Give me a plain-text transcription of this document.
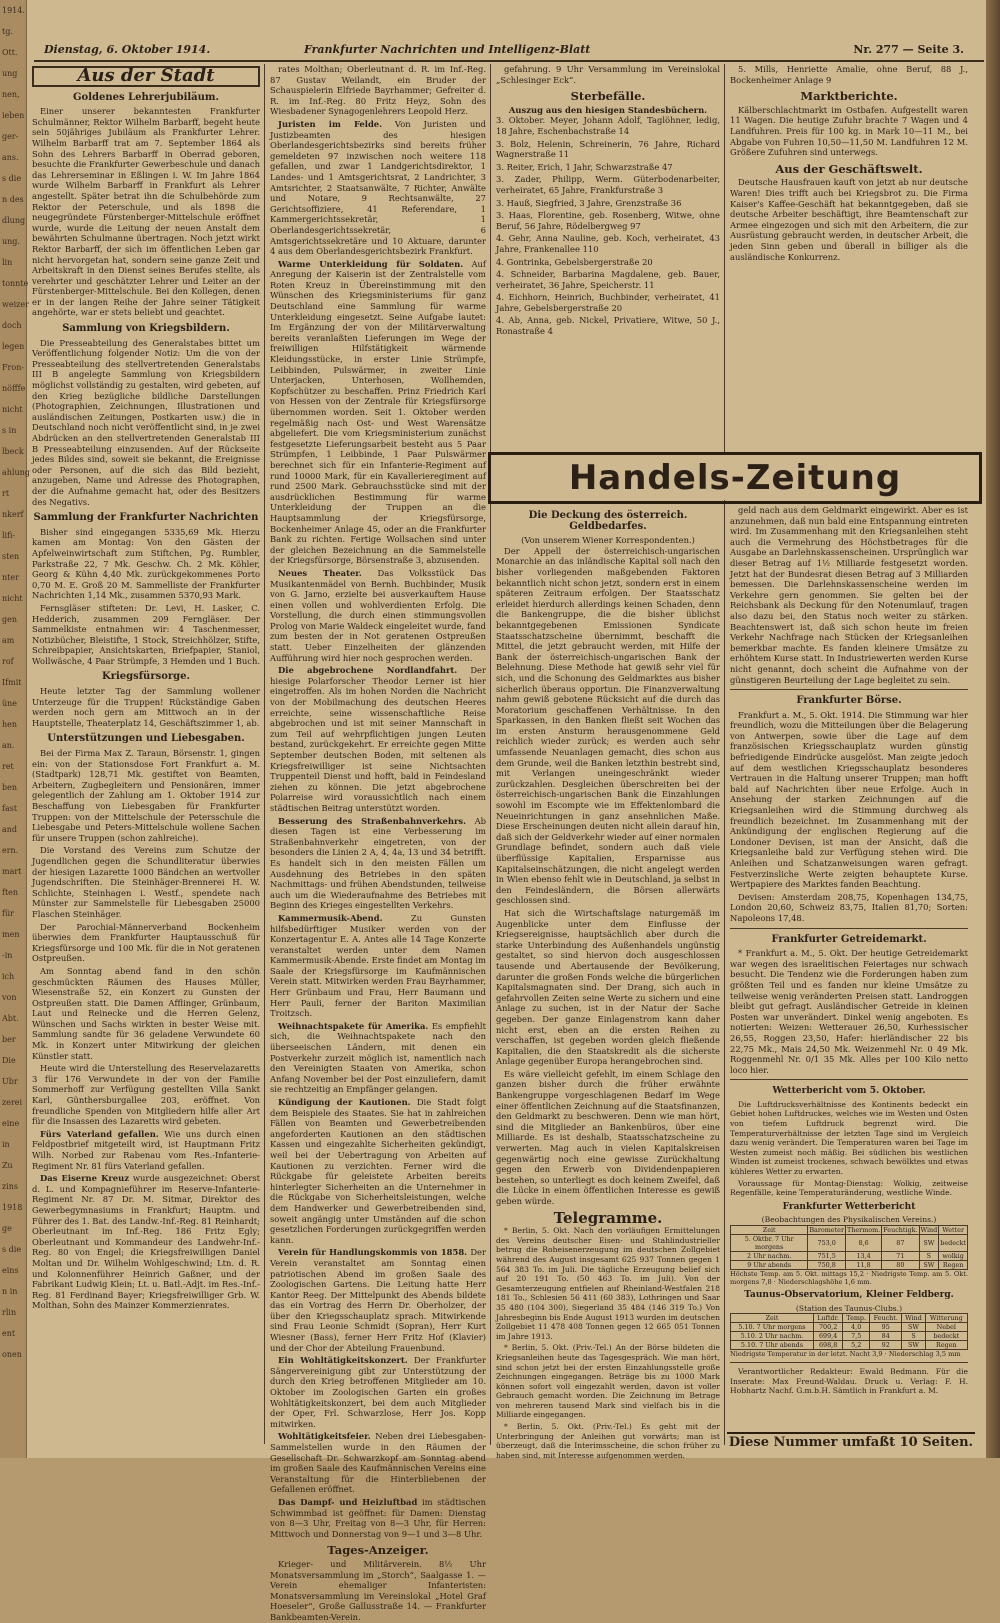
1914.
tg.
Ott.
ung
nen,
ieben
ger-
ans.
s die
n des
dlung
ung.
lin
tonnte
weizer
doch
legen
Fron-
nöfffe
nicht
s in
lbeck
ahlung
rt
nkerf
lifi-
sten
nter
nicht
gen
am
rof
Ifmit
üne
hen
an.
ret
ben
fast
and
ern.
mart
ften
für
men
-in
ich
von
Abt.
ber
Die
Ubr
zerei
eine
in
Zu
zins
1918
ge
s die
eins
n in
rlin
ent
onen
Dienstag, 6. Oktober 1914.	Frankfurter Nachrichten und Intelligenz-Blatt	Nr. 277 — Seite 3.
Aus der Stadt
Goldenes Lehrerjubiläum.

Einer unserer bekanntesten Frankfurter Schulmänner, Rektor Wilhelm Barbarff, begeht heute sein 50jähriges Jubiläum als Frankfurter Lehrer. Wilhelm Barbarff trat am 7. September 1864 als Sohn des Lehrers Barbarff in Oberrad geboren, besuchte die Frankfurter Gewerbeschule und danach das Lehrerseminar in Eßlingen i. W. Im Jahre 1864 wurde Wilhelm Barbarff in Frankfurt als Lehrer angestellt. Später betrat ihn die Schulbehörde zum Rektor der Peterschule, und als 1898 die neugegründete Fürstenberger-Mittelschule eröffnet wurde, wurde die Leitung der neuen Anstalt dem bewährten Schulmanne übertragen. Noch jetzt wirkt Rektor Barbarff, der sich im öffentlichen Leben gar nicht hervorgetan hat, sondern seine ganze Zeit und Arbeitskraft in den Dienst seines Berufes stellte, als verehrter und geschätzter Lehrer und Leiter an der Fürstenberger-Mittelschule. Bei den Kollegen, denen er in der langen Reihe der Jahre seiner Tätigkeit angehörte, war er stets beliebt und geachtet.

Sammlung von Kriegsbildern.

Die Presseabteilung des Generalstabes bittet um Veröffentlichung folgender Notiz: Um die von der Presseabteilung des stellvertretenden Generalstabs III B angelegte Sammlung von Kriegsbildern möglichst vollständig zu gestalten, wird gebeten, auf den Krieg bezügliche bildliche Darstellungen (Photographien, Zeichnungen, Illustrationen und ausländischen Zeitungen, Postkarten usw.) die in Deutschland noch nicht veröffentlicht sind, in je zwei Abdrücken an den stellvertretenden Generalstab III B Presseabteilung einzusenden. Auf der Rückseite jedes Bildes sind, soweit sie bekannt, die Ereignisse oder Personen, auf die sich das Bild bezieht, anzugeben, Name und Adresse des Photographen, der die Aufnahme gemacht hat, oder des Besitzers des Negativs.

Sammlung der Frankfurter Nachrichten

Bisher sind eingegangen 5335,69 Mk. Hierzu kamen am Montag: Von den Gästen der Apfelweinwirtschaft zum Stiftchen, Pg. Rumbler, Parkstraße 22, 7 Mk. Geschw. Ch. 2 Mk. Köhler, Georg & Kühn 4,40 Mk. zurückgekommenes Porto 0,70 M. E. Groß 20 M. Sammelliste der Frankfurter Nachrichten 1,14 Mk., zusammen 5370,93 Mark.

Fernsgläser stifteten: Dr. Levi, H. Lasker, C. Hedderich, zusammen 209 Ferngläser. Der Sammelkiste entnahmen wir: 4 Taschenmesser, Notizbücher, Bleistifte, 1 Stock, Streichhölzer, Stifte, Schreibpapier, Ansichtskarten, Briefpapier, Staniol, Wollwäsche, 4 Paar Strümpfe, 3 Hemden und 1 Buch.

Kriegsfürsorge.

Heute letzter Tag der Sammlung wollener Unterzeuge für die Truppen! Rückständige Gaben werden noch gern am Mittwoch an in der Hauptstelle, Theaterplatz 14, Geschäftszimmer 1, ab.

Unterstützungen und Liebesgaben.

Bei der Firma Max Z. Taraun, Börsenstr. 1, gingen ein: von der Stationsdose Fort Frankfurt a. M. (Stadtpark) 128,71 Mk. gestiftet von Beamten, Arbeitern, Zugbegleitern und Pensionären, immer gelegentlich der Zahlung am 1. Oktober 1914 zur Beschaffung von Liebesgaben für Frankfurter Truppen: von der Mittelschule der Petersschule die Liebesgabe und Peters-Mittelschule wollene Sachen für unsere Truppen (schon zahlreiche).

Die Vorstand des Vereins zum Schutze der Jugendlichen gegen die Schundliteratur überwies der hiesigen Lazarette 1000 Bändchen an wertvoller Jugendschriften. Die Steinhäger-Brennerei H. W. Schlichte, Steinhagen i. Westf., spendete nach Münster zur Sammelstelle für Liebesgaben 25000 Flaschen Steinhäger.

Der Parochial-Männerverband Bockenheim überwies dem Frankfurter Hauptausschuß für Kriegsfürsorge und 100 Mk. für die in Not geratenen Ostpreußen.

Am Sonntag abend fand in den schön geschmückten Räumen des Hauses Müller, Wiesenstraße 52, ein Konzert zu Gunsten der Ostpreußen statt. Die Damen Afflinger, Grünbaum, Laut und Reinecke und die Herren Gelenz, Wünschen und Sachs wirkten in bester Weise mit. Sammlung sandte für 36 geladene Verwundete 60 Mk. in Konzert unter Mitwirkung der gleichen Künstler statt.

Heute wird die Unterstellung des Reservelazaretts 3 für 176 Verwundete in der von der Familie Sommerhoff zur Verfügung gestellten Villa Sankt Karl, Günthersburgallee 203, eröffnet. Von freundliche Spenden von Mitgliedern hilfe aller Art für die Insassen des Lazaretts wird gebeten.

Fürs Vaterland gefallen. Wie uns durch einen Feldpostbrief mitgeteilt wird, ist Hauptmann Fritz Wilh. Norbed zur Rabenau vom Res.-Infanterie-Regiment Nr. 81 fürs Vaterland gefallen.

Das Eiserne Kreuz wurde ausgezeichnet: Oberst d. L. und Kompagnieführer im Reserve-Infanterie-Regiment Nr. 87 Dr. M. Sitmar, Direktor des Gewerbegymnasiums in Frankfurt; Hauptm. und Führer des 1. Bat. des Landw.-Inf.-Reg. 81 Reinhardt; Oberleutnant im Inf.-Reg. 186 Fritz Egly; Oberleutnant und Kommandeur des Landwehr-Inf.-Reg. 80 von Engel; die Kriegsfreiwilligen Daniel Moltan und Dr. Wilhelm Wohlgeschwind; Ltn. d. R. und Kolonnenführer Heinrich Gaßner, und der Fabrikant Ludwig Klein; Lt. u. Batl.-Adjt. im Res.-Inf.-Reg. 81 Ferdinand Bayer; Kriegsfreiwilliger Grb. W. Molthan, Sohn des Mainzer Kommerzienrates.

rates Molthan; Oberleutnant d. R. im Inf.-Reg. 87 Gustav Weilandt, ein Bruder der Schauspielerin Elfriede Bayrhammer; Gefreiter d. R. im Inf.-Reg. 80 Fritz Heyz, Sohn des Wiesbadener Synagogenlehrers Leopold Herz.

Juristen im Felde. Von Juristen und Justizbeamten des hiesigen Oberlandesgerichtsbezirks sind bereits früher gemeldeten 97 inzwischen noch weitere 118 gefallen, und zwar 1 Landgerichtsdirektor, 1 Landes- und 1 Amtsgerichtsrat, 2 Landrichter, 3 Amtsrichter, 2 Staatsanwälte, 7 Richter, Anwälte und Notare, 9 Rechtsanwälte, 27 Gerichtsoffiziere, 41 Referendare, 1 Kammergerichtssekretär, 1 Oberlandesgerichtssekretär, 6 Amtsgerichtssekretäre und 10 Aktuare, darunter 4 aus dem Oberlandesgerichtsbezirk Frankfurt.

Warme Unterkleidung für Soldaten. Auf Anregung der Kaiserin ist der Zentralstelle vom Roten Kreuz in Übereinstimmung mit den Wünschen des Kriegsministeriums für ganz Deutschland eine Sammlung für warme Unterkleidung eingesetzt. Seine Aufgabe lautet: Im Ergänzung der von der Militärverwaltung bereits veranlaßten Lieferungen im Wege der freiwilligen Hilfstätigkeit wärmende Kleidungsstücke, in erster Linie Strümpfe, Leibbinden, Pulswärmer, in zweiter Linie Unterjacken, Unterhosen, Wollhemden, Kopfschützer zu beschaffen. Prinz Friedrich Karl von Hessen von der Zentrale für Kriegsfürsorge übernommen worden. Seit 1. Oktober werden regelmäßig nach Ost- und West Warensätze abgeliefert. Die vom Kriegsministerium zunächst festgesetzte Lieferungsarbeit besteht aus 5 Paar Strümpfen, 1 Leibbinde, 1 Paar Pulswärmer berechnet sich für ein Infanterie-Regiment auf rund 10000 Mark, für ein Kavallerieregiment auf rund 2500 Mark. Gebrauchsstücke sind mit der ausdrücklichen Bestimmung für warme Unterkleidung der Truppen an die Hauptsammlung der Kriegsfürsorge, Bockenheimer Anlage 45, oder an die Frankfurter Bank zu richten. Fertige Wollsachen sind unter der gleichen Bezeichnung an die Sammelstelle der Kriegsfürsorge, Börsenstraße 3, abzusenden.

Neues Theater. Das Volksstück Das Musikantenmädel von Bernh. Buchbinder, Musik von G. Jarno, erzielte bei ausverkauftem Hause einen vollen und wohlverdienten Erfolg. Die Vorstellung, die durch einen stimmungsvollen Prolog von Marie Waldeck eingeleitet wurde, fand zum besten der in Not geratenen Ostpreußen statt. Ueber Einzelheiten der glänzenden Aufführung wird hier noch gesprochen werden.

Die abgebrochene Nordlandfahrt. Der hiesige Polarforscher Theodor Lerner ist hier eingetroffen. Als im hohen Norden die Nachricht von der Mobilmachung des deutschen Heeres erreichte, seine wissenschaftliche Reise abgebrochen und ist mit seiner Mannschaft in zum Teil auf wehrpflichtigen jungen Leuten bestand, zurückgekehrt. Er erreichte gegen Mitte September deutschen Boden, mit seltenen als Kriegsfreiwilliger ist seine Nichtsachten Truppenteil Dienst und hofft, bald in Feindesland ziehen zu können. Die jetzt abgebrochene Polarreise wird voraussichtlich nach einem städtischen Beitrag unterstützt worden.

Besserung des Straßenbahnverkehrs. Ab diesen Tagen ist eine Verbesserung im Straßenbahnverkehr eingetreten, von der besonders die Linien 2 A, 4, 4a, 13 und 34 betrifft. Es handelt sich in den meisten Fällen um Ausdehnung des Betriebes in den späten Nachmittags- und frühen Abendstunden, teilweise auch um die Wiederaufnahme des Betriebes mit Beginn des Krieges eingestellten Verkehrs.

Kammermusik-Abend.	Zu Gunsten hilfsbedürftiger Musiker werden von der Konzertagentur E. A. Antes alle 14 Tage Konzerte veranstaltet werden unter dem Namen Kammermusik-Abende. Erste findet am Montag im Saale der Kriegsfürsorge im Kaufmännischen Verein statt. Mitwirken werden Frau Bayrhammer, Herr Grünbaum und Frau, Herr Baumann und Herr Pauli, ferner der Bariton Maximilian Troitzsch.

Weihnachtspakete für Amerika. Es empfiehlt sich, die Weihnachtspakete nach den überseeischen Ländern, mit denen ein Postverkehr zurzeit möglich ist, namentlich nach den Vereinigten Staaten von Amerika, schon Anfang November bei der Post einzuliefern, damit sie rechtzeitig an Empfänger gelangen.

Kündigung der Kautionen. Die Stadt folgt dem Beispiele des Staates. Sie hat in zahlreichen Fällen von Beamten und Gewerbetreibenden angeforderten Kautionen an den städtischen Kassen und eingezahlte Sicherheiten gekündigt, weil bei der Uebertragung von Arbeiten auf Kautionen zu verzichten. Ferner wird die Rückgabe für geleistete Arbeiten bereits hinterlegter Sicherheiten an die Unternehmer in die Rückgabe von Sicherheitsleistungen, welche dem Handwerker und Gewerbetreibenden sind, soweit angängig unter Umständen auf die schon gesetzlichen Forderungen zurückgegriffen werden kann.

Verein für Handlungskommis von 1858. Der Verein veranstaltet am Sonntag einen patriotischen Abend im großen Saale des Zoologischen Gartens. Die Leitung hatte Herr Kantor Reeg. Der Mittelpunkt des Abends bildete das ein Vortrag des Herrn Dr. Oberholzer, der über den Kriegsschauplatz sprach. Mitwirkende sind Frau Leonie Schmidt (Sopran), Herr Kurt Wiesner (Bass), ferner Herr Fritz Hof (Klavier) und der Chor der Abteilung Frauenbund.

Ein Wohltätigkeitskonzert. Der Frankfurter Sängervereinigung gibt zur Unterstützung der durch den Krieg betroffenen Mitglieder am 10. Oktober im Zoologischen Garten ein großes Wohltätigkeitskonzert, bei dem auch Mitglieder der Oper, Frl. Schwarzlose, Herr Jos. Kopp mitwirken.

Wohltätigkeitsfeier. Neben drei Liebesgaben-Sammelstellen wurde in den Räumen der Gesellschaft Dr. Schwarzkopf am Sonntag abend im großen Saale des Kaufmännischen Vereins eine Veranstaltung für die Hinterbliebenen der Gefallenen eröffnet.

Das Dampf- und Heizluftbad im städtischen Schwimmbad ist geöffnet: für Damen: Dienstag von 8—3 Uhr, Freitag von 8—3 Uhr, für Herren: Mittwoch und Donnerstag von 9—1 und 3—8 Uhr.

Tages-Anzeiger.

Krieger- und Militärverein. 8½ Uhr Monatsversammlung im „Storch“, Saalgasse 1. — Verein ehemaliger Infanteristen: Monatsversammlung im Vereinslokal „Hotel Graf Hoeseler“, Große Gallusstraße 14. — Frankfurter Bankbeamten-Verein.

gefahrung. 9 Uhr Versammlung im Vereinslokal „Schlesinger Eck“.

Sterbefälle.
Auszug aus den hiesigen Standesbüchern.

3. Oktober. Meyer, Johann Adolf, Taglöhner, ledig, 18 Jahre, Eschenbachstraße 14

3. Bolz, Helenin, Schreinerin, 76 Jahre, Richard Wagnerstraße 11

3. Reiter, Erich, 1 Jahr, Schwarzstraße 47

3. Zader, Philipp, Werm. Güterbodenarbeiter, verheiratet, 65 Jahre, Frankfurstraße 3

3. Hauß, Siegfried, 3 Jahre, Grenzstraße 36

3. Haas, Florentine, geb. Rosenberg, Witwe, ohne Beruf, 56 Jahre, Rödelbergweg 97

4. Gehr, Anna Nauline, geb. Koch, verheiratet, 43 Jahre, Frankenallee 110

4. Gontrinka, Gebelsbergerstraße 20

4. Schneider, Barbarina Magdalene, geb. Bauer, verheiratet, 36 Jahre, Speicherstr. 11

4. Eichhorn, Heinrich, Buchbinder, verheiratet, 41 Jahre, Gebelsbergerstraße 20

4. Ab, Anna, geb. Nickel, Privatiere, Witwe, 50 J., Ronastraße 4

5. Mills, Henriette Amalie, ohne Beruf, 88 J., Bockenheimer Anlage 9

Marktberichte.

Kälberschlachtmarkt im Ostbafen. Aufgestellt waren 11 Wagen. Die heutige Zufuhr brachte 7 Wagen und 4 Landfuhren. Preis für 100 kg. in Mark 10—11 M., bei Abgabe von Fuhren 10,50—11,50 M. Landfuhren 12 M. Größere Zufuhren sind unterwegs.

Aus der Geschäftswelt.

Deutsche Hausfrauen kauft von jetzt ab nur deutsche Waren! Dies trifft auch bei Kriegsbrot zu. Die Firma Kaiser's Kaffee-Geschäft hat bekanntgegeben, daß sie deutsche Arbeiter beschäftigt, ihre Beamtenschaft zur Armee eingezogen und sich mit den Arbeitern, die zur Ausrüstung gebraucht werden, in deutscher Arbeit, die jeden Sinn geben und überall in billiger als die ausländische Konkurrenz.

Handels-Zeitung
Die Deckung des österreich. Geldbedarfes.
(Von unserem Wiener Korrespondenten.)

Der Appell der österreichisch-ungarischen Monarchie an das inländische Kapital soll nach den bisher vorliegenden maßgebenden Faktoren bekanntlich nicht schon jetzt, sondern erst in einem späteren Zeitraum erfolgen. Der Staatsschatz erleidet hierdurch allerdings keinen Schaden, denn die Bankengruppe, die die bisher üblichst bekanntgegebenen Emissionen Syndicate Staatsschatzscheine übernimmt, beschafft die Mittel, die jetzt gebraucht werden, mit Hilfe der Bank der österreichisch-ungarischen Bank der Belehnung. Diese Methode hat gewiß sehr viel für sich, und die Schonung des Geldmarktes aus bisher sicherlich überaus opportun. Die Finanzverwaltung nahm gewiß gebotene Rücksicht auf die durch das Moratorium geschaffenen Verhältnisse. In den Sparkassen, in den Banken fließt seit Wochen das im ersten Ansturm herausgenommene Geld reichlich wieder zurück; es werden auch sehr umfassende Neuanlagen gemacht, dies schon aus dem Grunde, weil die Banken letzthin bestrebt sind, mit Verlangen uneingeschränkt wieder zurückzahlen. Desgleichen überschreiten bei der österreichisch-ungarischen Bank die Einzahlungen sowohl im Escompte wie im Effektenlombard die Neueinrichtungen in ganz ansehnlichen Maße. Diese Erscheinungen deuten nicht allein darauf hin, daß sich der Geldverkehr wieder auf einer normalen Grundlage befindet, sondern auch daß viele überflüssige Kapitalien, Ersparnisse aus Kapitalseinschätzungen, die nicht angelegt werden in Wien ebenso fehlt wie in Deutschland, ja selbst in den Feindesländern, die Börsen allerwärts geschlossen sind.

Hat sich die Wirtschaftslage naturgemäß im Augenblicke unter dem Einflusse der Kriegsereignisse, hauptsächlich aber durch die starke Unterbindung des Außenhandels ungünstig gestaltet, so sind hiervon doch ausgeschlossen tausende und Abertausende der Bevölkerung, darunter die großen Fonds welche die bürgerlichen Kapitalsmagnaten sind. Der Drang, sich auch in gefahrvollen Zeiten seine Werte zu sichern und eine Anlage zu suchen, ist in der Natur der Sache gegeben. Der ganze Einlagenstrom kann daher nicht erst, eben an die ersten Reihen zu verschaffen, ist gegeben worden gleich fließende Kapitalien, die den Staatskredit als die sicherste Anlage gegenüber Europa herangebrochen sind.

Es wäre vielleicht gefehlt, im einem Schlage den ganzen bisher durch die früher erwähnte Bankengruppe vorgeschlagenen Bedarf im Wege einer öffentlichen Zeichnung auf die Staatsfinanzen, den Geldmarkt zu beschweren. Denn wie man hört, sind die Mitglieder an Bankenbüros, über eine Milliarde. Es ist deshalb, Staatsschatzscheine zu verwerten. Mag auch in vielen Kapitalskreisen gegenwärtig noch eine gewisse Zurückhaltung gegen den Erwerb von Dividendenpapieren bestehen, so unterliegt es doch keinem Zweifel, daß die Lücke in einem öffentlichen Interesse es gewiß geben würde.

Telegramme.

* Berlin, 5. Okt. Nach den vorläufigen Ermittelungen des Vereins deutscher Eisen- und Stahlindustrieller betrug die Roheisenerzeugung im deutschen Zollgebiet während des August insgesamt 625 937 Tonnen gegen 1 564 383 To. im Juli. Die tägliche Erzeugung belief sich auf 20 191 To. (50 463 To. im Juli). Von der Gesamterzeugung entfielen auf Rheinland-Westfalen 218 181 To., Schlesien 56 411 (60 383), Lothringen und Saar 35 480 (104 300), Siegerland 35 484 (146 319 To.) Von Jahresbeginn bis Ende August 1913 wurden im deutschen Zollgebiet 11 478 408 Tonnen gegen 12 665 051 Tonnen im Jahre 1913.

* Berlin, 5. Okt. (Priv.-Tel.) An der Börse bildeten die Kriegsanleihen heute das Tagesgespräch. Wie man hört, sind schon jetzt bei der ersten Einzahlungsstelle große Zeichnungen eingegangen. Beträge bis zu 1000 Mark können sofort voll eingezahlt werden, davon ist voller Gebrauch gemacht worden. Die Zeichnung im Betrage von mehreren tausend Mark sind vielfach bis in die Milliarde eingegangen.

* Berlin, 5. Okt. (Priv.-Tel.) Es geht mit der Unterbringung der Anleihen gut vorwärts; man ist überzeugt, daß die Interimsscheine, die schon früher zu haben sind, mit Interesse aufgenommen werden.

geld nach aus dem Geldmarkt eingewirkt. Aber es ist anzunehmen, daß nun bald eine Entspannung eintreten wird. Im Zusammenhang mit den Kriegsanleihen steht auch die Vermehrung des Höchstbetrages für die Ausgabe an Darlehnskassenscheinen. Ursprünglich war dieser Betrag auf 1½ Milliarde festgesetzt worden. Jetzt hat der Bundesrat diesen Betrag auf 3 Milliarden bemessen. Die Darlehnskassenscheine werden im Verkehre gern genommen. Sie gelten bei der Reichsbank als Deckung für den Notenumlauf, tragen also dazu bei, den Status noch weiter zu stärken. Beachtenswert ist, daß sich schon heute im freien Verkehr Nachfrage nach Stücken der Kriegsanleihen bemerkbar machte. Es fanden kleinere Umsätze zu erhöhtem Kurse statt. In Industriewerten werden Kurse nicht genannt, doch scheint die Aufnahme von der günstigeren Beurteilung der Lage begleitet zu sein.

Frankfurter Börse.

Frankfurt a. M., 5. Okt. 1914. Die Stimmung war hier freundlich, wozu die Mitteilungen über die Belagerung von Antwerpen, sowie über die Lage auf dem französischen Kriegsschauplatz wurden günstig befriedigende Eindrücke ausgelöst. Man zeigte jedoch auf dem westlichen Kriegsschauplatz besonderes Vertrauen in die Haltung unserer Truppen; man hofft bald auf Nachrichten über neue Erfolge. Auch in Ansehung der starken Zeichnungen auf die Kriegsanleihen wird die Stimmung durchweg als freundlich bezeichnet. Im Zusammenhang mit der Ankündigung der englischen Regierung auf die Londoner Devisen, ist man der Ansicht, daß die Kriegsanleihe bald zur Verfügung stehen wird. Die Anleihen und Schatzanweisungen waren gefragt. Festverzinsliche Werte zeigten behauptete Kurse. Wertpapiere des Marktes fanden Beachtung.

Devisen: Amsterdam 208,75, Kopenhagen 134,75, London 20,60, Schweiz 83,75, Italien 81,70; Sorten: Napoleons 17,48.

Frankfurter Getreidemarkt.

* Frankfurt a. M., 5. Okt. Der heutige Getreidemarkt war wegen des israelitischen Feiertages nur schwach besucht. Die Tendenz wie die Forderungen haben zum größten Teil und es fanden nur kleine Umsätze zu teilweise wenig veränderten Preisen statt. Landroggen bleibt gut gefragt. Ausländischer Getreide in kleinen Posten war unverändert. Dinkel wenig angeboten. Es notierten: Weizen: Wetterauer 26,50, Kurhessischer 26,55, Roggen 23,50, Hafer: hierländischer 22 bis 22,75 Mk., Mais 24,50 Mk. Weizenmehl Nr. 0 49 Mk. Roggenmehl Nr. 0/1 35 Mk. Alles per 100 Kilo netto loco hier.

Wetterbericht vom 5. Oktober.

Die Luftdrucksverhältnisse des Kontinents bedeckt ein Gebiet hohen Luftdruckes, welches wie im Westen und Osten von tiefem Luftdruck begrenzt wird. Die Temperaturverhältnisse der letzten Tage sind im Vergleich dazu wenig verändert. Die Temperaturen waren bei Tage im Westen zumeist noch mäßig. Bei südlichen bis westlichen Winden ist zumeist trockenes, schwach bewölktes und etwas kühleres Wetter zu erwarten.

Voraussage für Montag-Dienstag: Wolkig, zeitweise Regenfälle, keine Temperaturänderung, westliche Winde.

Frankfurter Wetterbericht
(Beobachtungen des Physikalischen Vereins.)
Zeit	Barometer	Thermom.	Feuchtigk.	Wind	Wetter
5. Oktbr. 7 Uhr morgens	753,0	8,6	87	SW	bedeckt
2 Uhr nachm.	751,5	13,4	71	S	wolkig
9 Uhr abends	750,8	11,8	80	SW	Regen
Höchste Temp. am 5. Okt. mittags 15,2 · Niedrigste Temp. am 5. Okt. morgens 7,8 · Niederschlagshöhe 1,6 mm.
Taunus-Observatorium, Kleiner Feldberg.
(Station des Taunus-Clubs.)
Zeit	Luftdr.	Temp.	Feucht.	Wind	Witterung
5.10. 7 Uhr morgens	700,2	4,0	95	SW	Nebel
5.10. 2 Uhr nachm.	699,4	7,5	84	S	bedeckt
5.10. 7 Uhr abends	698,8	5,2	92	SW	Regen
Niedrigste Temperatur in der letzt. Nacht 3,9 · Niederschlag 3,5 mm

Verantwortlicher Redakteur: Ewald Bedmann. Für die Inserate: Max Freund-Waldau. Druck u. Verlag: F. H. Hobhartz Nachf. G.m.b.H. Sämtlich in Frankfurt a. M.

Diese Nummer umfaßt 10 Seiten.
